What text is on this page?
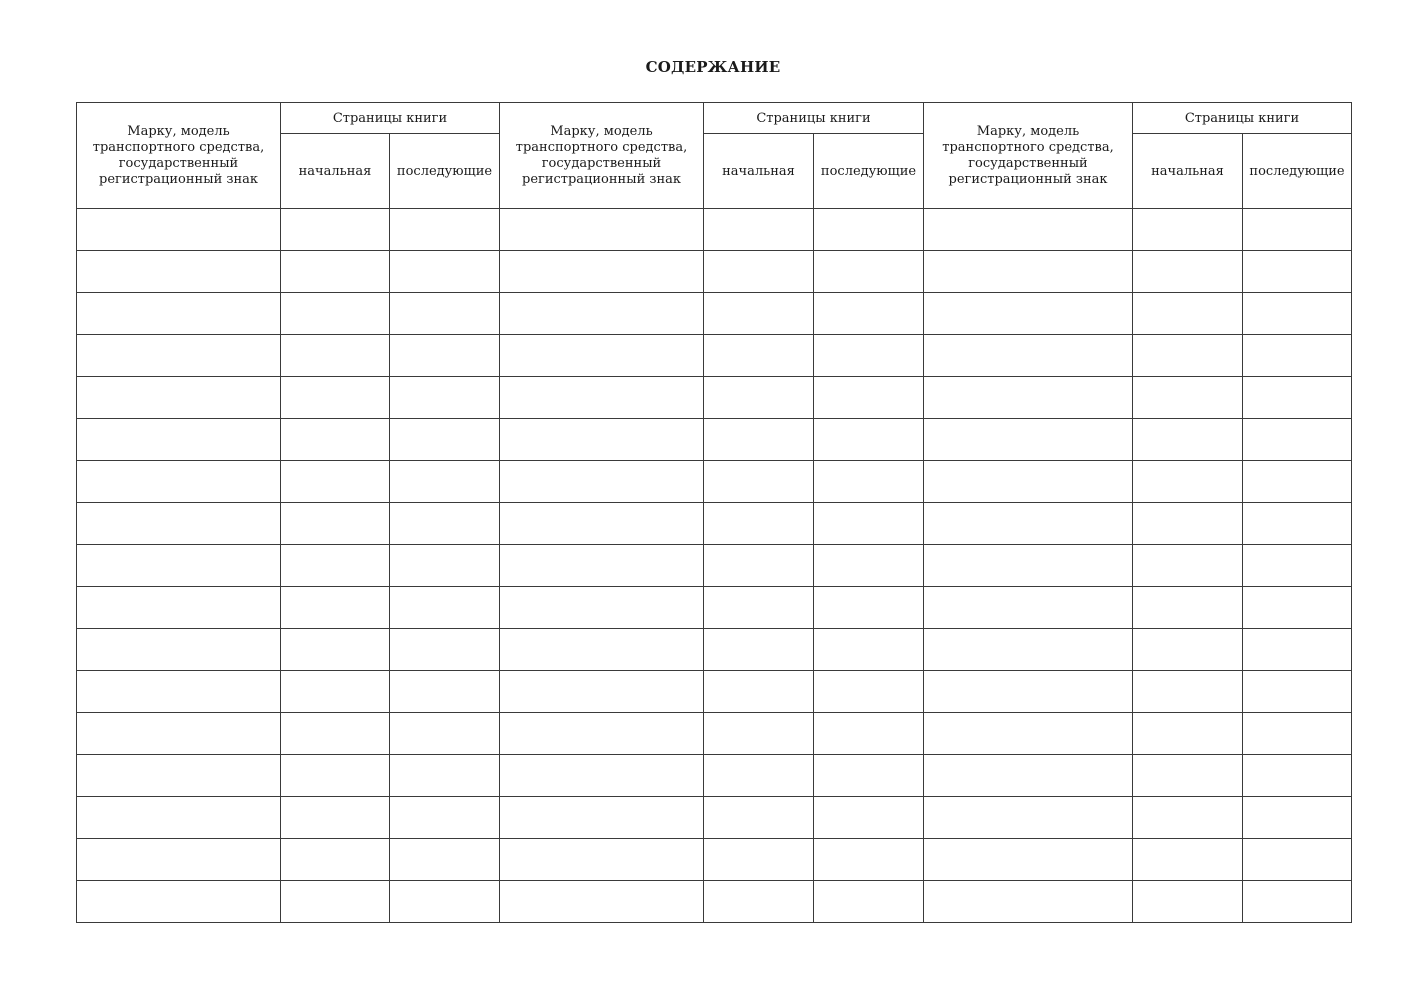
СОДЕРЖАНИЕ
Марку, модель транспортного средства, государственный регистрационный знак	Страницы книги		Марку, модель транспортного средства, государственный регистрационный знак	Страницы книги		Марку, модель транспортного средства, государственный регистрационный знак	Страницы книги	
	начальная	последующие		начальная	последующие		начальная	последующие
